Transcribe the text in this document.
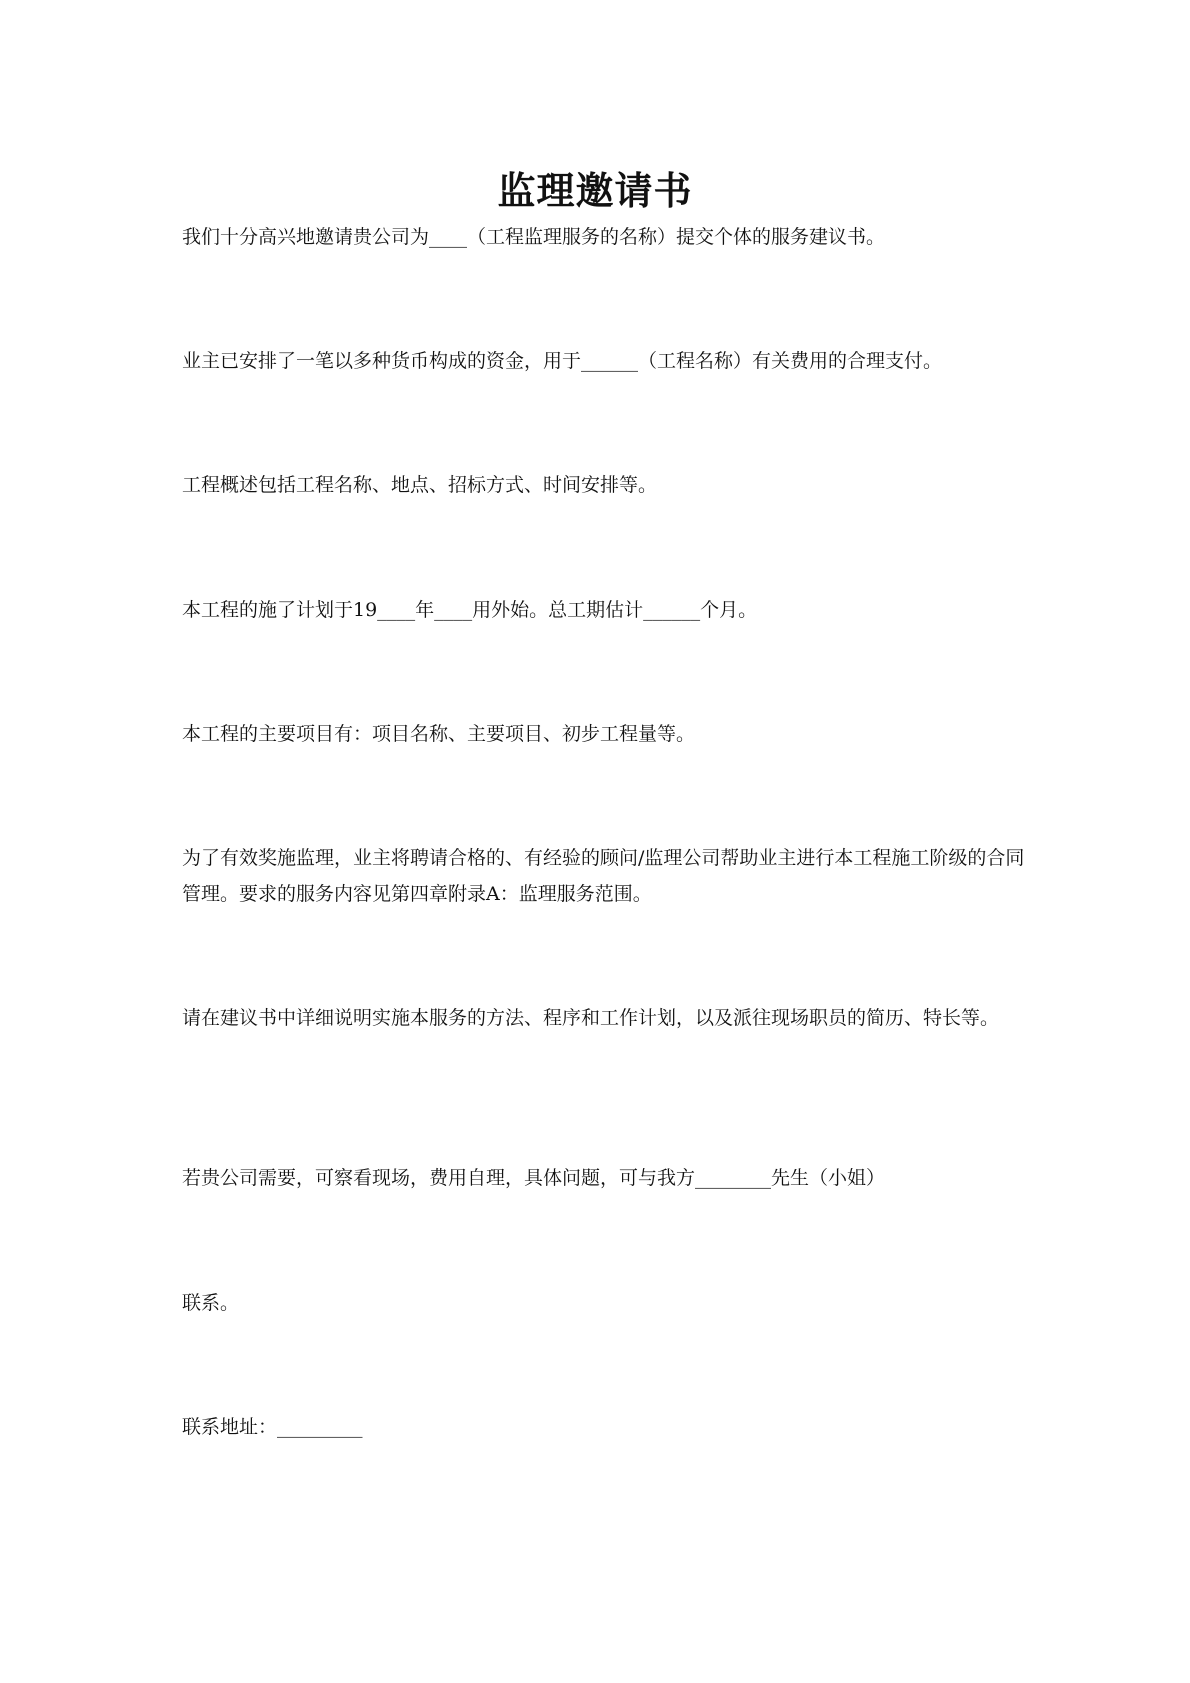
监理邀请书
我们十分高兴地邀请贵公司为____（工程监理服务的名称）提交个体的服务建议书。
业主已安排了一笔以多种货币构成的资金，用于______（工程名称）有关费用的合理支付。
工程概述包括工程名称、地点、招标方式、时间安排等。
本工程的施了计划于19____年____用外始。总工期估计______个月。
本工程的主要项目有：项目名称、主要项目、初步工程量等。
为了有效奖施监理，业主将聘请合格的、有经验的顾问/监理公司帮助业主进行本工程施工阶级的合同管理。要求的服务内容见第四章附录A：监理服务范围。
请在建议书中详细说明实施本服务的方法、程序和工作计划，以及派往现场职员的简历、特长等。
若贵公司需要，可察看现场，费用自理，具体问题，可与我方________先生（小姐）
联系。
联系地址：_________
